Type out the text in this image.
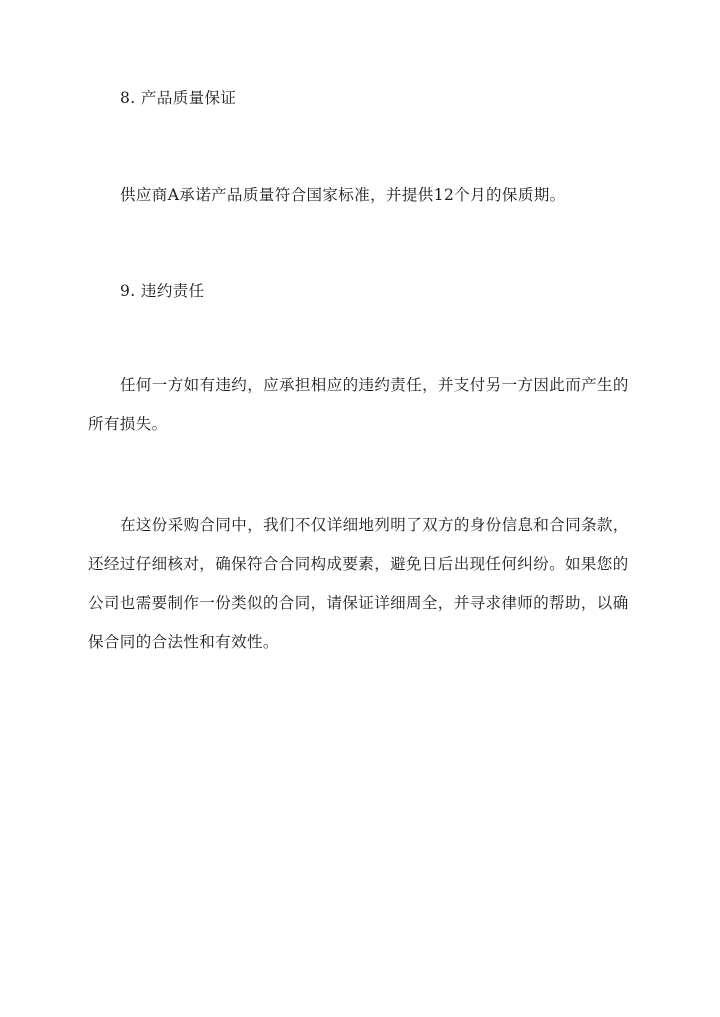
8. 产品质量保证

供应商A承诺产品质量符合国家标准，并提供12个月的保质期。

9. 违约责任

任何一方如有违约，应承担相应的违约责任，并支付另一方因此而产生的所有损失。

在这份采购合同中，我们不仅详细地列明了双方的身份信息和合同条款，还经过仔细核对，确保符合合同构成要素，避免日后出现任何纠纷。如果您的公司也需要制作一份类似的合同，请保证详细周全，并寻求律师的帮助，以确保合同的合法性和有效性。
